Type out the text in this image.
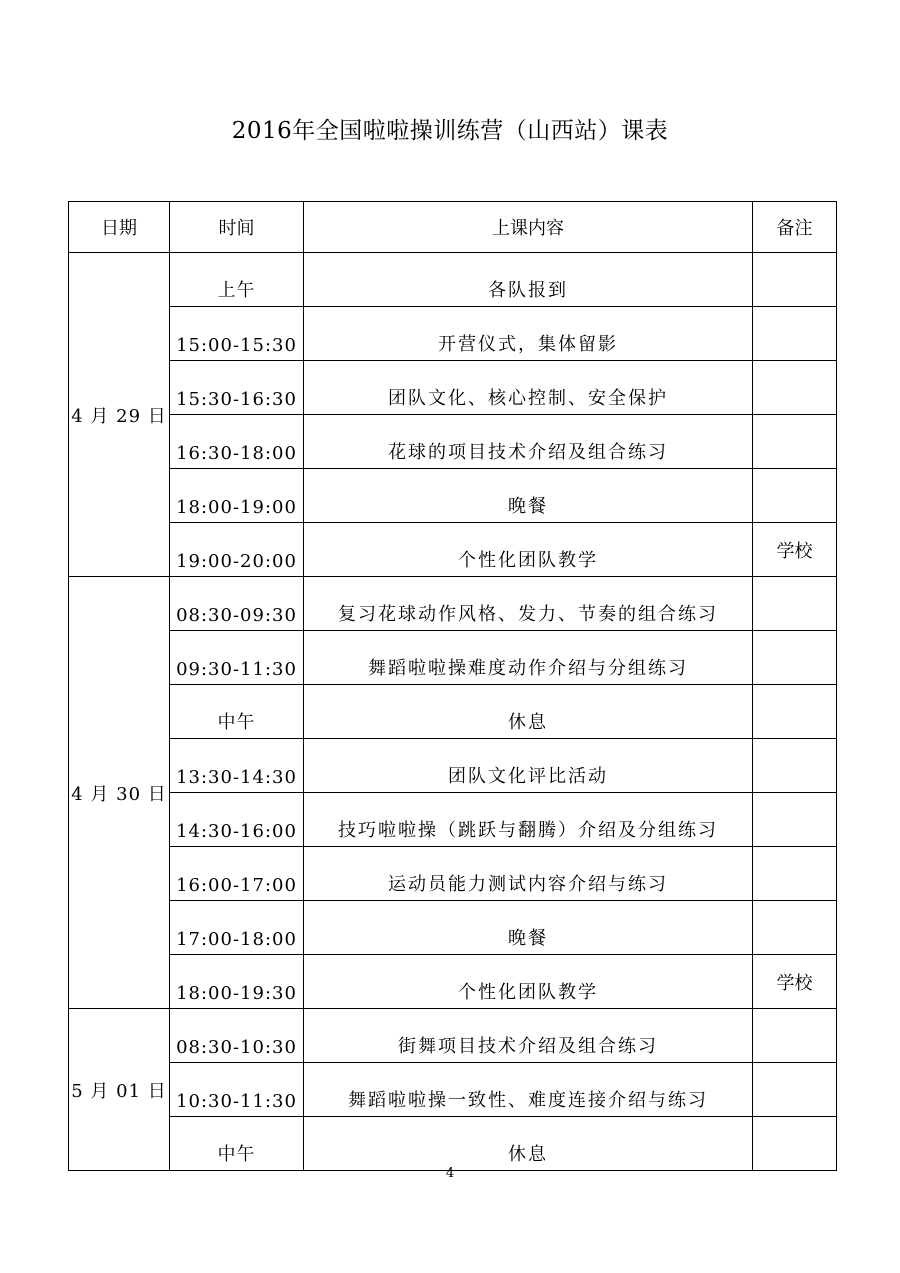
2016年全国啦啦操训练营（山西站）课表
日期	时间	上课内容	备注
4 月 29 日	上午	各队报到	
	15:00-15:30	开营仪式，集体留影	
	15:30-16:30	团队文化、核心控制、安全保护	
	16:30-18:00	花球的项目技术介绍及组合练习	
	18:00-19:00	晚餐	
	19:00-20:00	个性化团队教学	学校
4 月 30 日	08:30-09:30	复习花球动作风格、发力、节奏的组合练习	
	09:30-11:30	舞蹈啦啦操难度动作介绍与分组练习	
	中午	休息	
	13:30-14:30	团队文化评比活动	
	14:30-16:00	技巧啦啦操（跳跃与翻腾）介绍及分组练习	
	16:00-17:00	运动员能力测试内容介绍与练习	
	17:00-18:00	晚餐	
	18:00-19:30	个性化团队教学	学校
5 月 01 日	08:30-10:30	街舞项目技术介绍及组合练习	
	10:30-11:30	舞蹈啦啦操一致性、难度连接介绍与练习	
	中午	休息	
4
